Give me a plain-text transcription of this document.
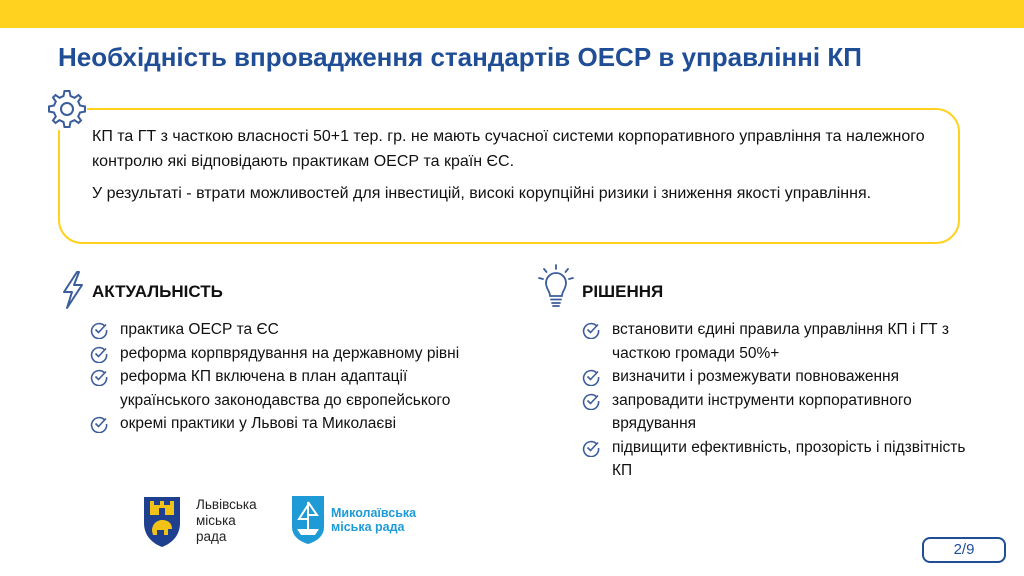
Необхідність впровадження стандартів ОЕСР в управлінні КП
КП та ГТ з часткою власності 50+1 тер. гр. не мають сучасної системи корпоративного управління та належного контролю які відповідають практикам ОЕСР та країн ЄС.
У результаті - втрати можливостей для інвестицій, високі корупційні ризики і зниження якості управління.
АКТУАЛЬНІСТЬ
практика ОЕСР та ЄС
реформа корпврядування на державному рівні
реформа КП включена в план адаптації українського законодавства до європейського
окремі практики у Львові та Миколаєві
РІШЕННЯ
встановити єдині правила управління КП і ГТ з часткою громади 50%+
визначити і розмежувати повноваження
запровадити інструменти корпоративного врядування
підвищити ефективність, прозорість і підзвітність КП
Львівська
міська
рада
Миколаївська
міська рада
2/9
